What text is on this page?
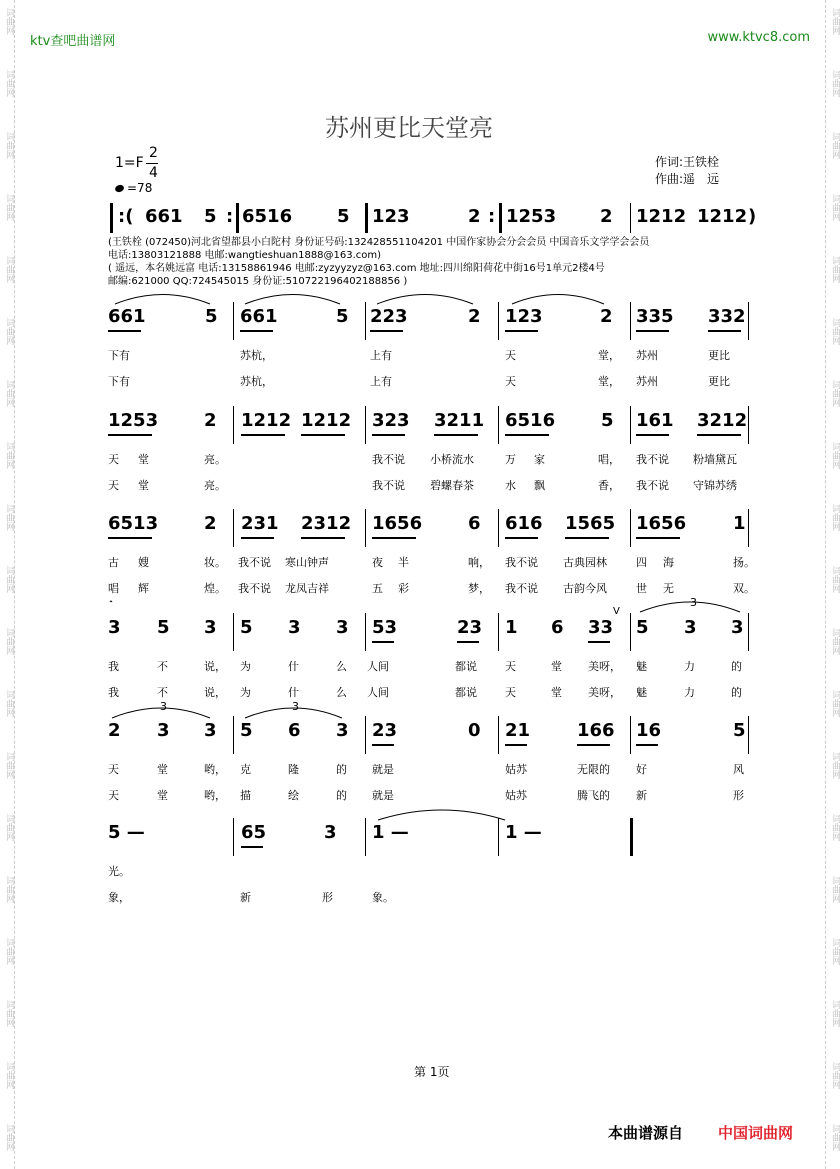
词曲网	词曲网
词曲网	词曲网
词曲网	词曲网
词曲网	词曲网
词曲网	词曲网
词曲网	词曲网
词曲网	词曲网
词曲网	词曲网
词曲网	词曲网
词曲网	词曲网
词曲网	词曲网
词曲网	词曲网
词曲网	词曲网
词曲网	词曲网
词曲网	词曲网
词曲网	词曲网
词曲网	词曲网
词曲网	词曲网
词曲网	词曲网
ktv查吧曲谱网	www.ktvc8.com
苏州更比天堂亮
1=F
2
4
=78
作词:王铁栓
作曲:遥　远
:(	:	:	)
661 5 6516 5 123	2 1253 2 1212 1212
(王铁栓 (072450)河北省望都县小白陀村 身份证号码:132428551104201 中国作家协会分会会员 中国音乐文学学会会员
电话:13803121888 电邮:wangtieshuan1888@163.com)
( 遥远，本名姚远富 电话:13158861946 电邮:zyzyyzyz@163.com 地址:四川绵阳荷花中街16号1单元2楼4号
邮编:621000 QQ:724545015 身份证:510722196402188856 )
661	5 661	5 223	2 123	2 335 332
下有	苏杭，	上有	天	堂， 苏州	更比
下有	苏杭，	上有	天	堂， 苏州	更比
1253	2 1212 1212 323 3211 6516	5 161 3212
天 堂	亮。	我不说 小桥流水	万 家	唱， 我不说 粉墙黛瓦
天 堂	亮。	我不说 碧螺春茶	水 飘	香， 我不说 守锦苏绣
6513	2 231 2312 1656	6 616 1565 1656	1
古 嫂	妆。 我不说 寒山钟声	夜 半	响， 我不说 古典园林	四 海	扬。
唱 辉	煌。 我不说 龙凤吉祥	五 彩	梦， 我不说 古韵今风	世 无	双。
3 5 3 5 3 3 53	23 1 6 33 5 3 3
我	不	说， 为	什	么 人间	都说	天	堂 美呀， 魅	力	的
我	不	说， 为	什	么 人间	都说	天	堂 美呀， 魅	力	的
2 3 3 5 6 3 23	0 21	166 16	5
天	堂	哟， 克	隆	的 就是	姑苏	无限的 好	风
天	堂	哟， 描	绘	的 就是	姑苏	腾飞的 新	形
5 —	65	3 1 —	1 —
光。
象，	新	形	象。
3
3	3
V
第 1页
本曲谱源自 中国词曲网
